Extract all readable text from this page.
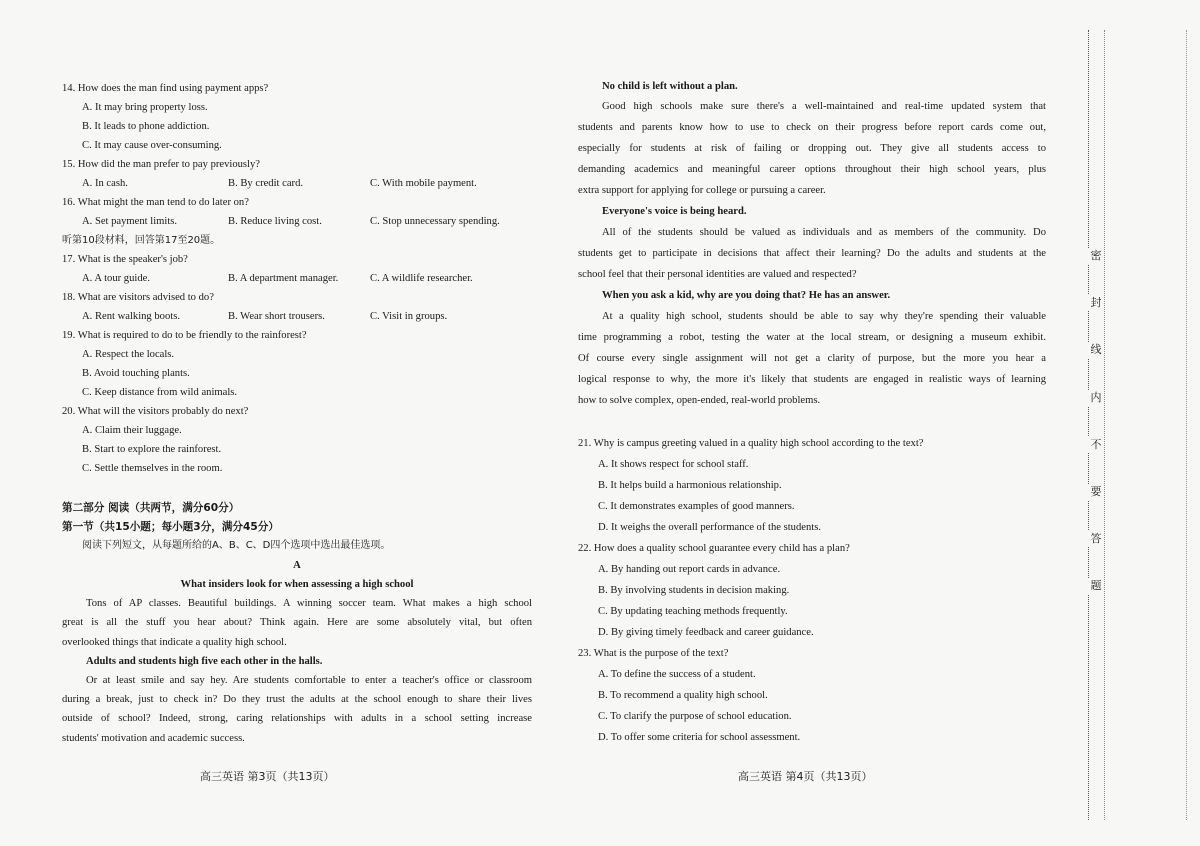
14. How does the man find using payment apps?
A. It may bring property loss.
B. It leads to phone addiction.
C. It may cause over-consuming.
15. How did the man prefer to pay previously?
A. In cash.	B. By credit card.	C. With mobile payment.
16. What might the man tend to do later on?
A. Set payment limits.	B. Reduce living cost.	C. Stop unnecessary spending.
听第10段材料，回答第17至20题。
17. What is the speaker's job?
A. A tour guide.	B. A department manager.	C. A wildlife researcher.
18. What are visitors advised to do?
A. Rent walking boots.	B. Wear short trousers.	C. Visit in groups.
19. What is required to do to be friendly to the rainforest?
A. Respect the locals.
B. Avoid touching plants.
C. Keep distance from wild animals.
20. What will the visitors probably do next?
A. Claim their luggage.
B. Start to explore the rainforest.
C. Settle themselves in the room.
第二部分 阅读（共两节，满分60分）
第一节（共15小题；每小题3分，满分45分）
阅读下列短文，从每题所给的A、B、C、D四个选项中选出最佳选项。
A
What insiders look for when assessing a high school
Tons of AP classes. Beautiful buildings. A winning soccer team. What makes a high school
great is all the stuff you hear about? Think again. Here are some absolutely vital, but often
overlooked things that indicate a quality high school.
Adults and students high five each other in the halls.
Or at least smile and say hey. Are students comfortable to enter a teacher's office or classroom
during a break, just to check in? Do they trust the adults at the school enough to share their lives
outside of school? Indeed, strong, caring relationships with adults in a school setting increase
students' motivation and academic success.
高三英语 第3页（共13页）
No child is left without a plan.
Good high schools make sure there's a well-maintained and real-time updated system that
students and parents know how to use to check on their progress before report cards come out,
especially for students at risk of failing or dropping out. They give all students access to
demanding academics and meaningful career options throughout their high school years, plus
extra support for applying for college or pursuing a career.
Everyone's voice is being heard.
All of the students should be valued as individuals and as members of the community. Do
students get to participate in decisions that affect their learning? Do the adults and students at the
school feel that their personal identities are valued and respected?
When you ask a kid, why are you doing that? He has an answer.
At a quality high school, students should be able to say why they're spending their valuable
time programming a robot, testing the water at the local stream, or designing a museum exhibit.
Of course every single assignment will not get a clarity of purpose, but the more you hear a
logical response to why, the more it's likely that students are engaged in realistic ways of learning
how to solve complex, open-ended, real-world problems.
21. Why is campus greeting valued in a quality high school according to the text?
A. It shows respect for school staff.
B. It helps build a harmonious relationship.
C. It demonstrates examples of good manners.
D. It weighs the overall performance of the students.
22. How does a quality school guarantee every child has a plan?
A. By handing out report cards in advance.
B. By involving students in decision making.
C. By updating teaching methods frequently.
D. By giving timely feedback and career guidance.
23. What is the purpose of the text?
A. To define the success of a student.
B. To recommend a quality high school.
C. To clarify the purpose of school education.
D. To offer some criteria for school assessment.
高三英语 第4页（共13页）
密
封
线
内
不
要
答
题
